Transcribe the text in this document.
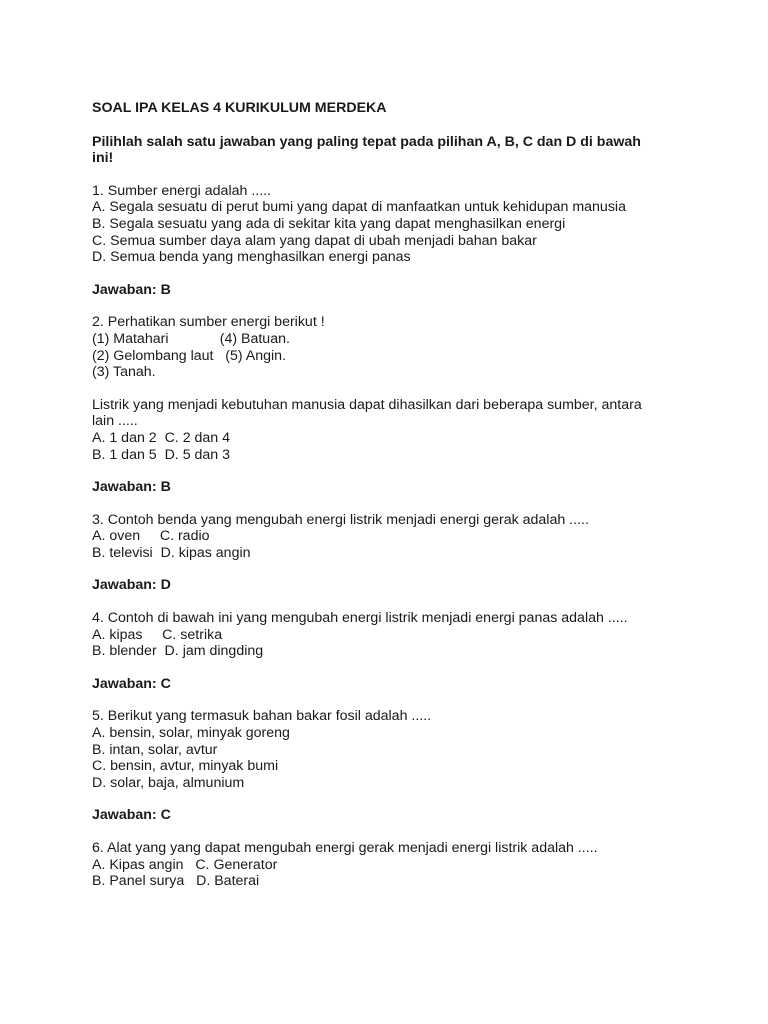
SOAL IPA KELAS 4 KURIKULUM MERDEKA
Pilihlah salah satu jawaban yang paling tepat pada pilihan A, B, C dan D di bawah ini!
1. Sumber energi adalah .....
A. Segala sesuatu di perut bumi yang dapat di manfaatkan untuk kehidupan manusia
B. Segala sesuatu yang ada di sekitar kita yang dapat menghasilkan energi
C. Semua sumber daya alam yang dapat di ubah menjadi bahan bakar
D. Semua benda yang menghasilkan energi panas
Jawaban: B
2. Perhatikan sumber energi berikut !
(1) Matahari             (4) Batuan.
(2) Gelombang laut   (5) Angin.
(3) Tanah.
Listrik yang menjadi kebutuhan manusia dapat dihasilkan dari beberapa sumber, antara lain .....
A. 1 dan 2  C. 2 dan 4
B. 1 dan 5  D. 5 dan 3
Jawaban: B
3. Contoh benda yang mengubah energi listrik menjadi energi gerak adalah .....
A. oven     C. radio
B. televisi  D. kipas angin
Jawaban: D
4. Contoh di bawah ini yang mengubah energi listrik menjadi energi panas adalah .....
A. kipas     C. setrika
B. blender  D. jam dingding
Jawaban: C
5. Berikut yang termasuk bahan bakar fosil adalah .....
A. bensin, solar, minyak goreng
B. intan, solar, avtur
C. bensin, avtur, minyak bumi
D. solar, baja, almunium
Jawaban: C
6. Alat yang yang dapat mengubah energi gerak menjadi energi listrik adalah .....
A. Kipas angin   C. Generator
B. Panel surya   D. Baterai
